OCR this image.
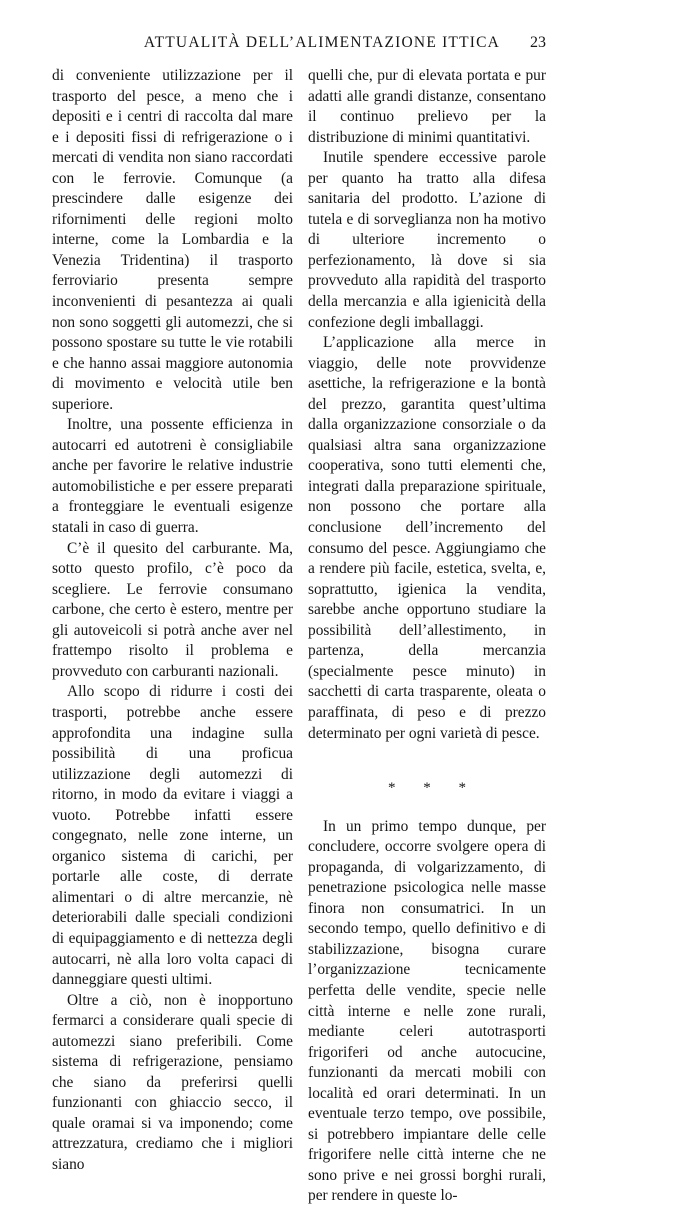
ATTUALITÀ DELL’ALIMENTAZIONE ITTICA	23

di conveniente utilizzazione per il trasporto del pesce, a meno che i depositi e i centri di raccolta dal mare e i depositi fissi di refrigerazione o i mercati di vendita non siano raccordati con le ferrovie. Comunque (a prescindere dalle esigenze dei rifornimenti delle regioni molto interne, come la Lombardia e la Venezia Tridentina) il trasporto ferroviario presenta sempre inconvenienti di pesantezza ai quali non sono soggetti gli automezzi, che si possono spostare su tutte le vie rotabili e che hanno assai maggiore autonomia di movimento e velocità utile ben superiore.

Inoltre, una possente efficienza in autocarri ed autotreni è consigliabile anche per favorire le relative industrie automobilistiche e per essere preparati a fronteggiare le eventuali esigenze statali in caso di guerra.

C’è il quesito del carburante. Ma, sotto questo profilo, c’è poco da scegliere. Le ferrovie consumano carbone, che certo è estero, mentre per gli autoveicoli si potrà anche aver nel frattempo risolto il problema e provveduto con carburanti nazionali.

Allo scopo di ridurre i costi dei trasporti, potrebbe anche essere approfondita una indagine sulla possibilità di una proficua utilizzazione degli automezzi di ritorno, in modo da evitare i viaggi a vuoto. Potrebbe infatti essere congegnato, nelle zone interne, un organico sistema di carichi, per portarle alle coste, di derrate alimentari o di altre mercanzie, nè deteriorabili dalle speciali condizioni di equipaggiamento e di nettezza degli autocarri, nè alla loro volta capaci di danneggiare questi ultimi.

Oltre a ciò, non è inopportuno fermarci a considerare quali specie di automezzi siano preferibili. Come sistema di refrigerazione, pensiamo che siano da preferirsi quelli funzionanti con ghiaccio secco, il quale oramai si va imponendo; come attrezzatura, crediamo che i migliori siano

quelli che, pur di elevata portata e pur adatti alle grandi distanze, consentano il continuo prelievo per la distribuzione di minimi quantitativi.

Inutile spendere eccessive parole per quanto ha tratto alla difesa sanitaria del prodotto. L’azione di tutela e di sorveglianza non ha motivo di ulteriore incremento o perfezionamento, là dove si sia provveduto alla rapidità del trasporto della mercanzia e alla igienicità della confezione degli imballaggi.

L’applicazione alla merce in viaggio, delle note provvidenze asettiche, la refrigerazione e la bontà del prezzo, garantita quest’ultima dalla organizzazione consorziale o da qualsiasi altra sana organizzazione cooperativa, sono tutti elementi che, integrati dalla preparazione spirituale, non possono che portare alla conclusione dell’incremento del consumo del pesce. Aggiungiamo che a rendere più facile, estetica, svelta, e, soprattutto, igienica la vendita, sarebbe anche opportuno studiare la possibilità dell’allestimento, in partenza, della mercanzia (specialmente pesce minuto) in sacchetti di carta trasparente, oleata o paraffinata, di peso e di prezzo determinato per ogni varietà di pesce.

* * *

In un primo tempo dunque, per concludere, occorre svolgere opera di propaganda, di volgarizzamento, di penetrazione psicologica nelle masse finora non consumatrici. In un secondo tempo, quello definitivo e di stabilizzazione, bisogna curare l’organizzazione tecnicamente perfetta delle vendite, specie nelle città interne e nelle zone rurali, mediante celeri autotrasporti frigoriferi od anche autocucine, funzionanti da mercati mobili con località ed orari determinati. In un eventuale terzo tempo, ove possibile, si potrebbero impiantare delle celle frigorifere nelle città interne che ne sono prive e nei grossi borghi rurali, per rendere in queste lo-
